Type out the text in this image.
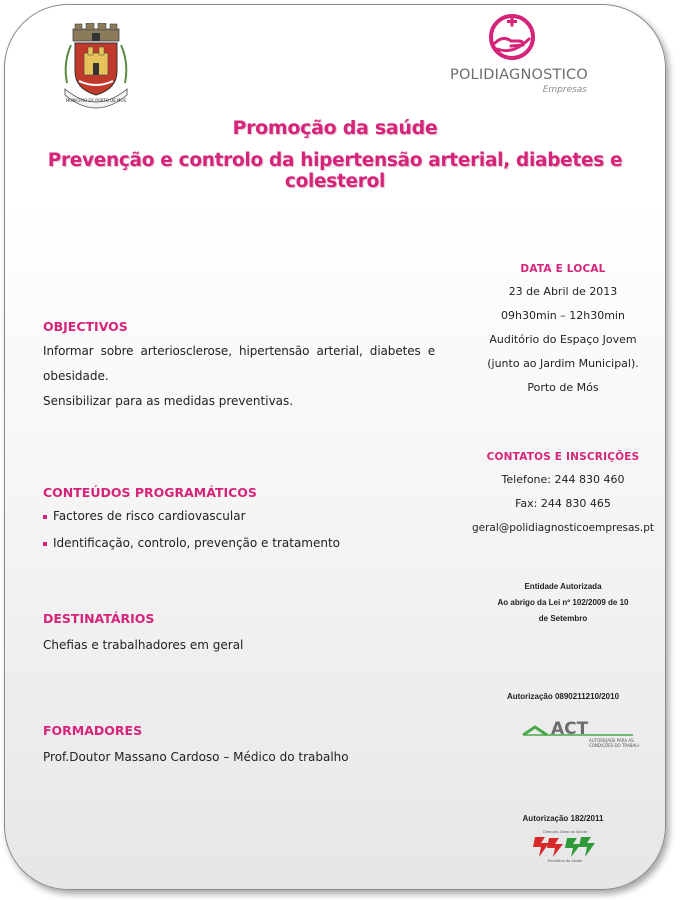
MUNICIPIO DE PORTO DE MOS
POLIDIAGNOSTICO
Empresas
Promoção da saúde
Prevenção e controlo da hipertensão arterial, diabetes e colesterol
OBJECTIVOS
Informar sobre arteriosclerose, hipertensão arterial, diabetes e
obesidade.
Sensibilizar para as medidas preventivas.
CONTEÚDOS PROGRAMÁTICOS
Factores de risco cardiovascular
Identificação, controlo, prevenção e tratamento
DESTINATÁRIOS
Chefias e trabalhadores em geral
FORMADORES
Prof.Doutor Massano Cardoso – Médico do trabalho
DATA E LOCAL
23 de Abril de 2013
09h30min – 12h30min
Auditório do Espaço Jovem
(junto ao Jardim Municipal).
Porto de Mós
CONTATOS E INSCRIÇÕES
Telefone: 244 830 460
Fax: 244 830 465
geral@polidiagnosticoempresas.pt
Entidade Autorizada
Ao abrigo da Lei nº 102/2009 de 10
de Setembro
Autorização 0890211210/2010
ACT
AUTORIDADE PARA AS
CONDIÇÕES DO TRABALHO
Autorização 182/2011
Direcção-Geral da Saúde
Ministério da Saúde
